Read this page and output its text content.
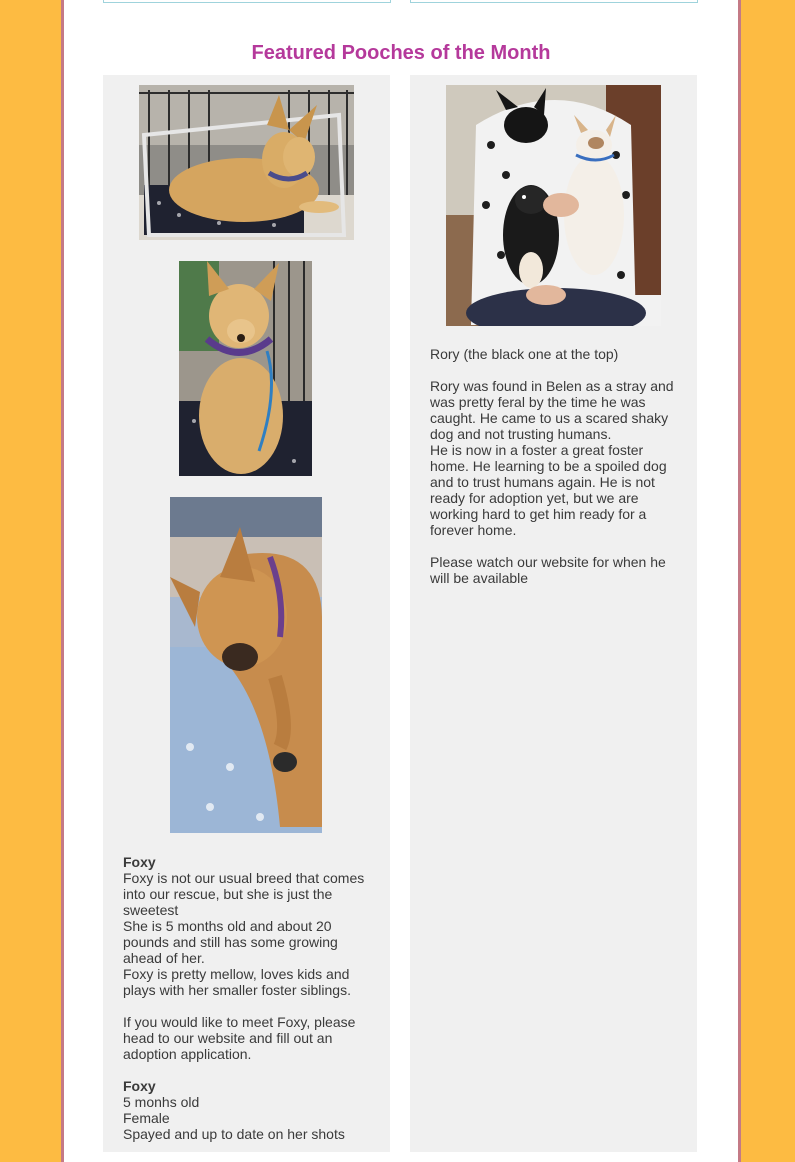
Featured Pooches of the Month

Foxy

Foxy is not our usual breed that comes into our rescue, but she is just the sweetest

She is 5 months old and about 20 pounds and still has some growing ahead of her.

Foxy is pretty mellow, loves kids and plays with her smaller foster siblings.

If you would like to meet Foxy, please head to our website and fill out an adoption application.

Foxy

5 monhs old

Female

Spayed and up to date on her shots

Rory (the black one at the top)

Rory was found in Belen as a stray and was pretty feral by the time he was caught. He came to us a scared shaky dog and not trusting humans.

He is now in a foster a great foster home. He learning to be a spoiled dog and to trust humans again. He is not ready for adoption yet, but we are working hard to get him ready for a forever home.

Please watch our website for when he will be available
